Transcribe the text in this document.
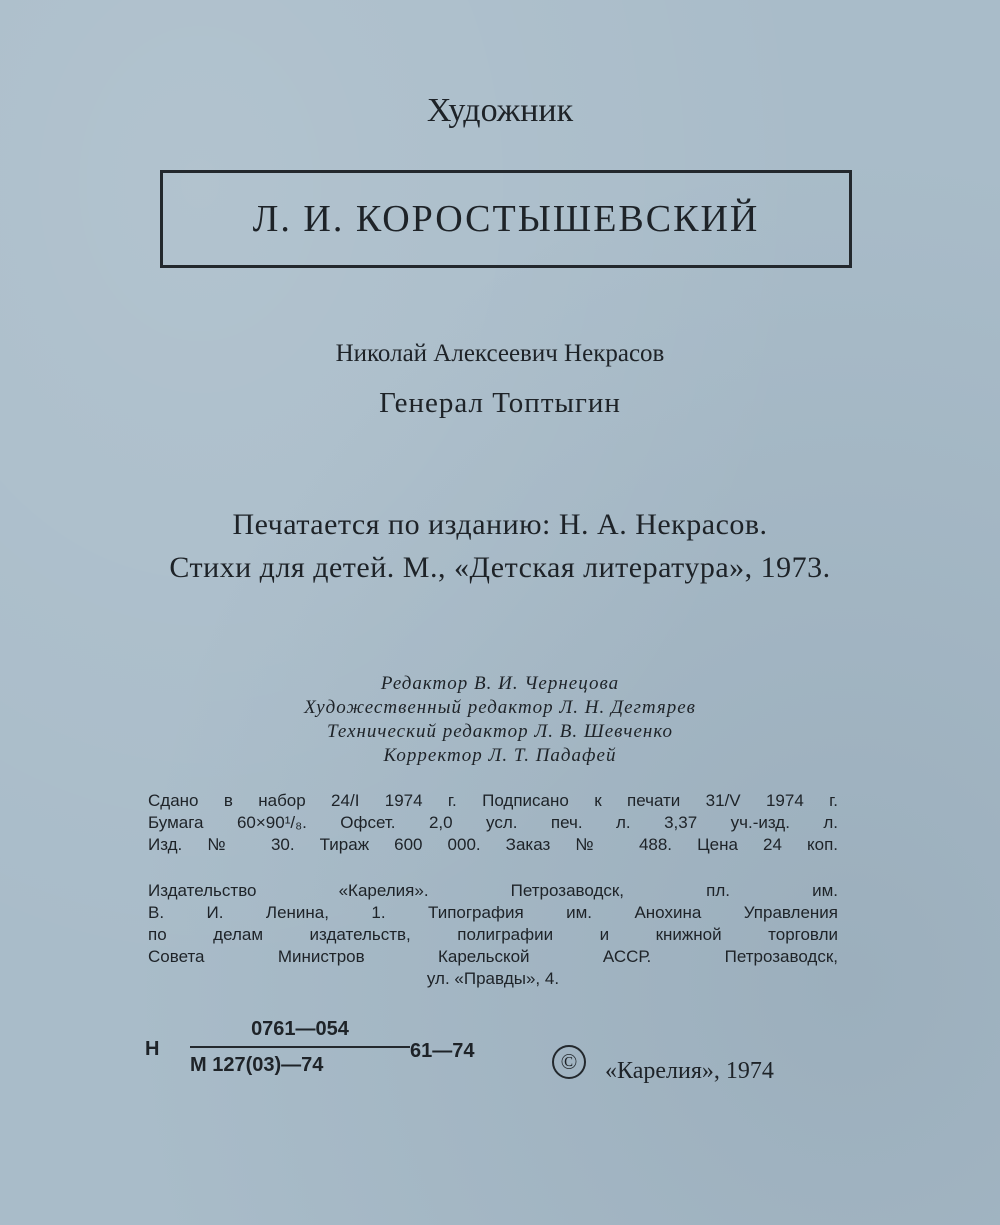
Художник
Л. И. КОРОСТЫШЕВСКИЙ
Николай Алексеевич Некрасов
Генерал Топтыгин
Печатается по изданию: Н. А. Некрасов.
Стихи для детей. М., «Детская литература», 1973.
Редактор В. И. Чернецова
Художественный редактор Л. Н. Дегтярев
Технический редактор Л. В. Шевченко
Корректор Л. Т. Падафей
Сдано в набор 24/I 1974 г. Подписано к печати 31/V 1974 г.
Бумага 60×90¹/₈. Офсет. 2,0 усл. печ. л. 3,37 уч.-изд. л.
Изд. № 30. Тираж 600 000. Заказ № 488. Цена 24 коп.
Издательство «Карелия». Петрозаводск, пл. им.
В. И. Ленина, 1. Типография им. Анохина Управления
по делам издательств, полиграфии и книжной торговли
Совета Министров Карельской АССР. Петрозаводск,
ул. «Правды», 4.
Н
0761—054
М 127(03)—74
61—74	©	«Карелия», 1974
